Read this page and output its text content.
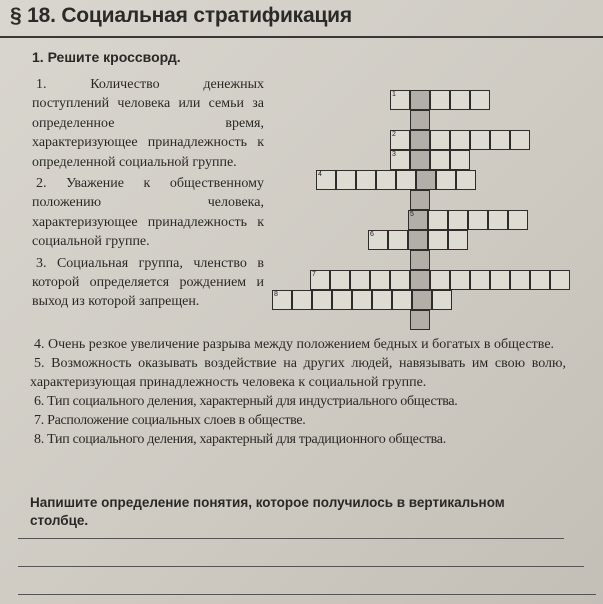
§ 18. Социальная стратификация

1. Решите кроссворд.

1. Количество денежных поступлений человека или семьи за определенное время, характеризующее принадлежность к определенной социальной группе.

2. Уважение к общественному положению человека, характеризующее принадлежность к социальной группе.

3. Социальная группа, членство в которой определяется рождением и выход из которой запрещен.

4. Очень резкое увеличение разрыва между положением бедных и богатых в обществе.

5. Возможность оказывать воздействие на других людей, навязывать им свою волю, характеризующая принадлежность человека к социальной группе.

6. Тип социального деления, характерный для индустриального общества.

7. Расположение социальных слоев в обществе.

8. Тип социального деления, характерный для традиционного общества.

Напишите определение понятия, которое получилось в вертикальном столбце.

1
2
3
4
5
6
7
8
